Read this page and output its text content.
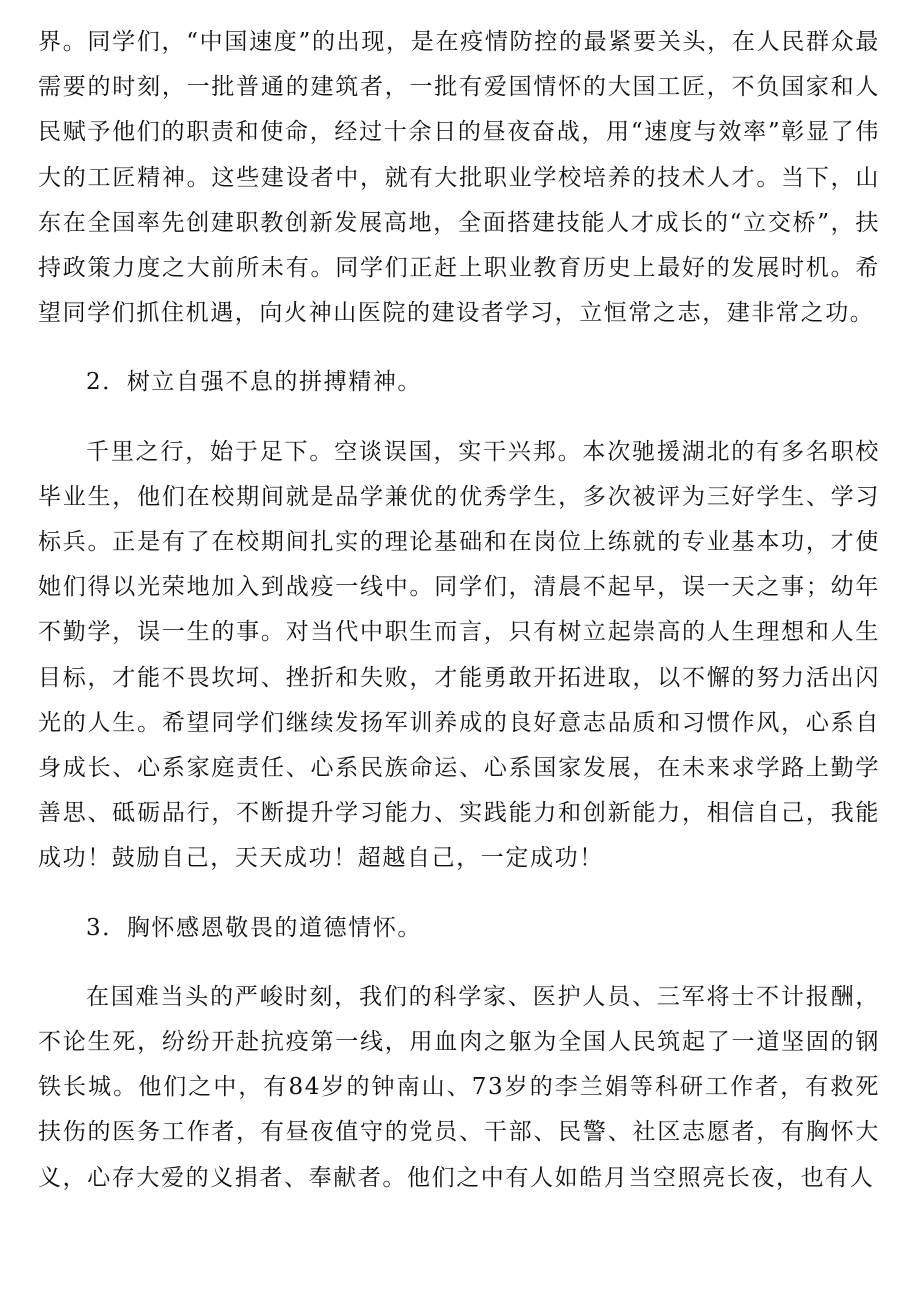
界。同学们，“中国速度”的出现，是在疫情防控的最紧要关头，在人民群众最需要的时刻，一批普通的建筑者，一批有爱国情怀的大国工匠，不负国家和人民赋予他们的职责和使命，经过十余日的昼夜奋战，用“速度与效率”彰显了伟大的工匠精神。这些建设者中，就有大批职业学校培养的技术人才。当下，山东在全国率先创建职教创新发展高地，全面搭建技能人才成长的“立交桥”，扶持政策力度之大前所未有。同学们正赶上职业教育历史上最好的发展时机。希望同学们抓住机遇，向火神山医院的建设者学习，立恒常之志，建非常之功。

2．树立自强不息的拼搏精神。

千里之行，始于足下。空谈误国，实干兴邦。本次驰援湖北的有多名职校毕业生，他们在校期间就是品学兼优的优秀学生，多次被评为三好学生、学习标兵。正是有了在校期间扎实的理论基础和在岗位上练就的专业基本功，才使她们得以光荣地加入到战疫一线中。同学们，清晨不起早，误一天之事；幼年不勤学，误一生的事。对当代中职生而言，只有树立起崇高的人生理想和人生目标，才能不畏坎坷、挫折和失败，才能勇敢开拓进取，以不懈的努力活出闪光的人生。希望同学们继续发扬军训养成的良好意志品质和习惯作风，心系自身成长、心系家庭责任、心系民族命运、心系国家发展，在未来求学路上勤学善思、砥砺品行，不断提升学习能力、实践能力和创新能力，相信自己，我能成功！鼓励自己，天天成功！超越自己，一定成功！

3．胸怀感恩敬畏的道德情怀。

在国难当头的严峻时刻，我们的科学家、医护人员、三军将士不计报酬，不论生死，纷纷开赴抗疫第一线，用血肉之躯为全国人民筑起了一道坚固的钢铁长城。他们之中，有84岁的钟南山、73岁的李兰娟等科研工作者，有救死扶伤的医务工作者，有昼夜值守的党员、干部、民警、社区志愿者，有胸怀大义，心存大爱的义捐者、奉献者。他们之中有人如皓月当空照亮长夜，也有人
